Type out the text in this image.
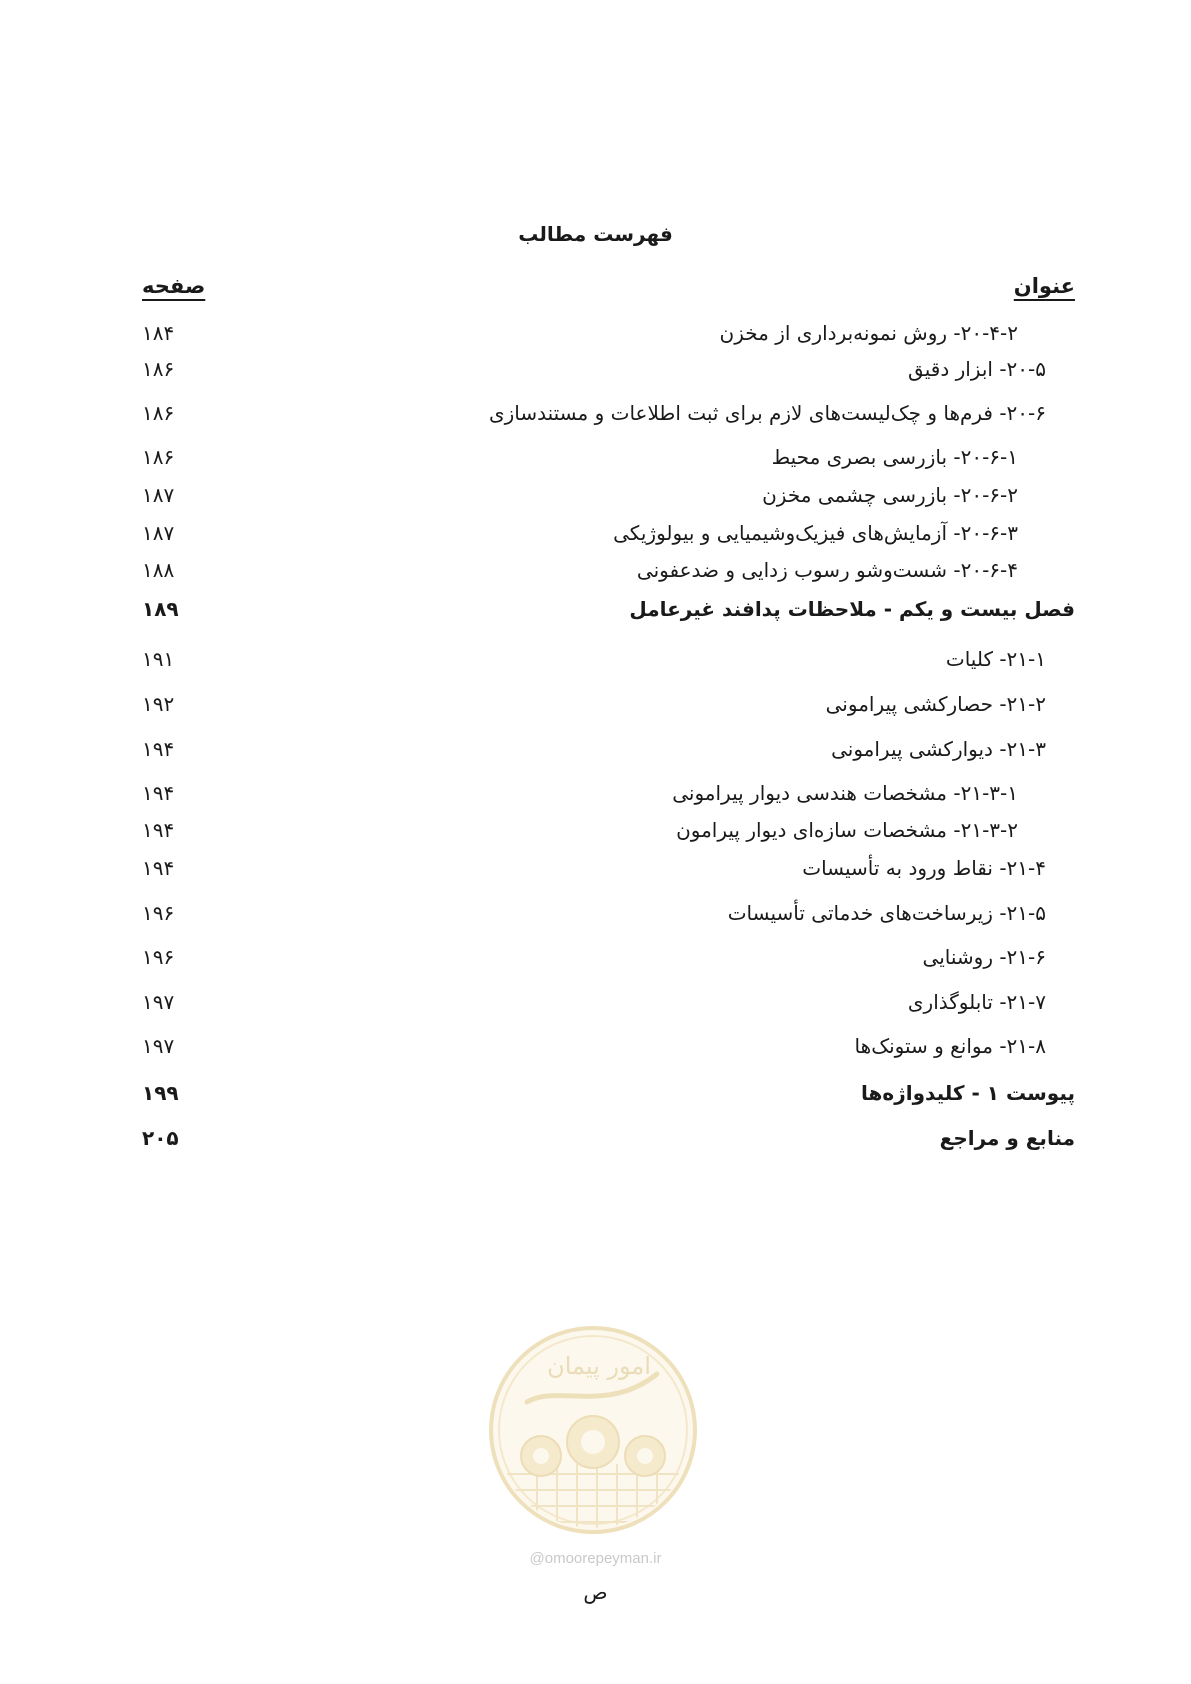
فهرست مطالب
عنوان
صفحه
۲۰-۴-۲- روش نمونه‌برداری از مخزن
۱۸۴
۲۰-۵- ابزار دقیق
۱۸۶
۲۰-۶- فرم‌ها و چک‌لیست‌های لازم برای ثبت اطلاعات و مستندسازی
۱۸۶
۲۰-۶-۱- بازرسی بصری محیط
۱۸۶
۲۰-۶-۲- بازرسی چشمی مخزن
۱۸۷
۲۰-۶-۳- آزمایش‌های فیزیک‌وشیمیایی و بیولوژیکی
۱۸۷
۲۰-۶-۴- شست‌وشو رسوب زدایی و ضدعفونی
۱۸۸
فصل بیست و یکم - ملاحظات پدافند غیرعامل
۱۸۹
۲۱-۱- کلیات
۱۹۱
۲۱-۲- حصارکشی پیرامونی
۱۹۲
۲۱-۳- دیوارکشی پیرامونی
۱۹۴
۲۱-۳-۱- مشخصات هندسی دیوار پیرامونی
۱۹۴
۲۱-۳-۲- مشخصات سازه‌ای دیوار پیرامون
۱۹۴
۲۱-۴- نقاط ورود به تأسیسات
۱۹۴
۲۱-۵- زیرساخت‌های خدماتی تأسیسات
۱۹۶
۲۱-۶- روشنایی
۱۹۶
۲۱-۷- تابلوگذاری
۱۹۷
۲۱-۸- موانع و ستونک‌ها
۱۹۷
پیوست ۱ - کلیدواژه‌ها
۱۹۹
منابع و مراجع
۲۰۵
امور پیمان
@omoorepeyman.ir
ص
